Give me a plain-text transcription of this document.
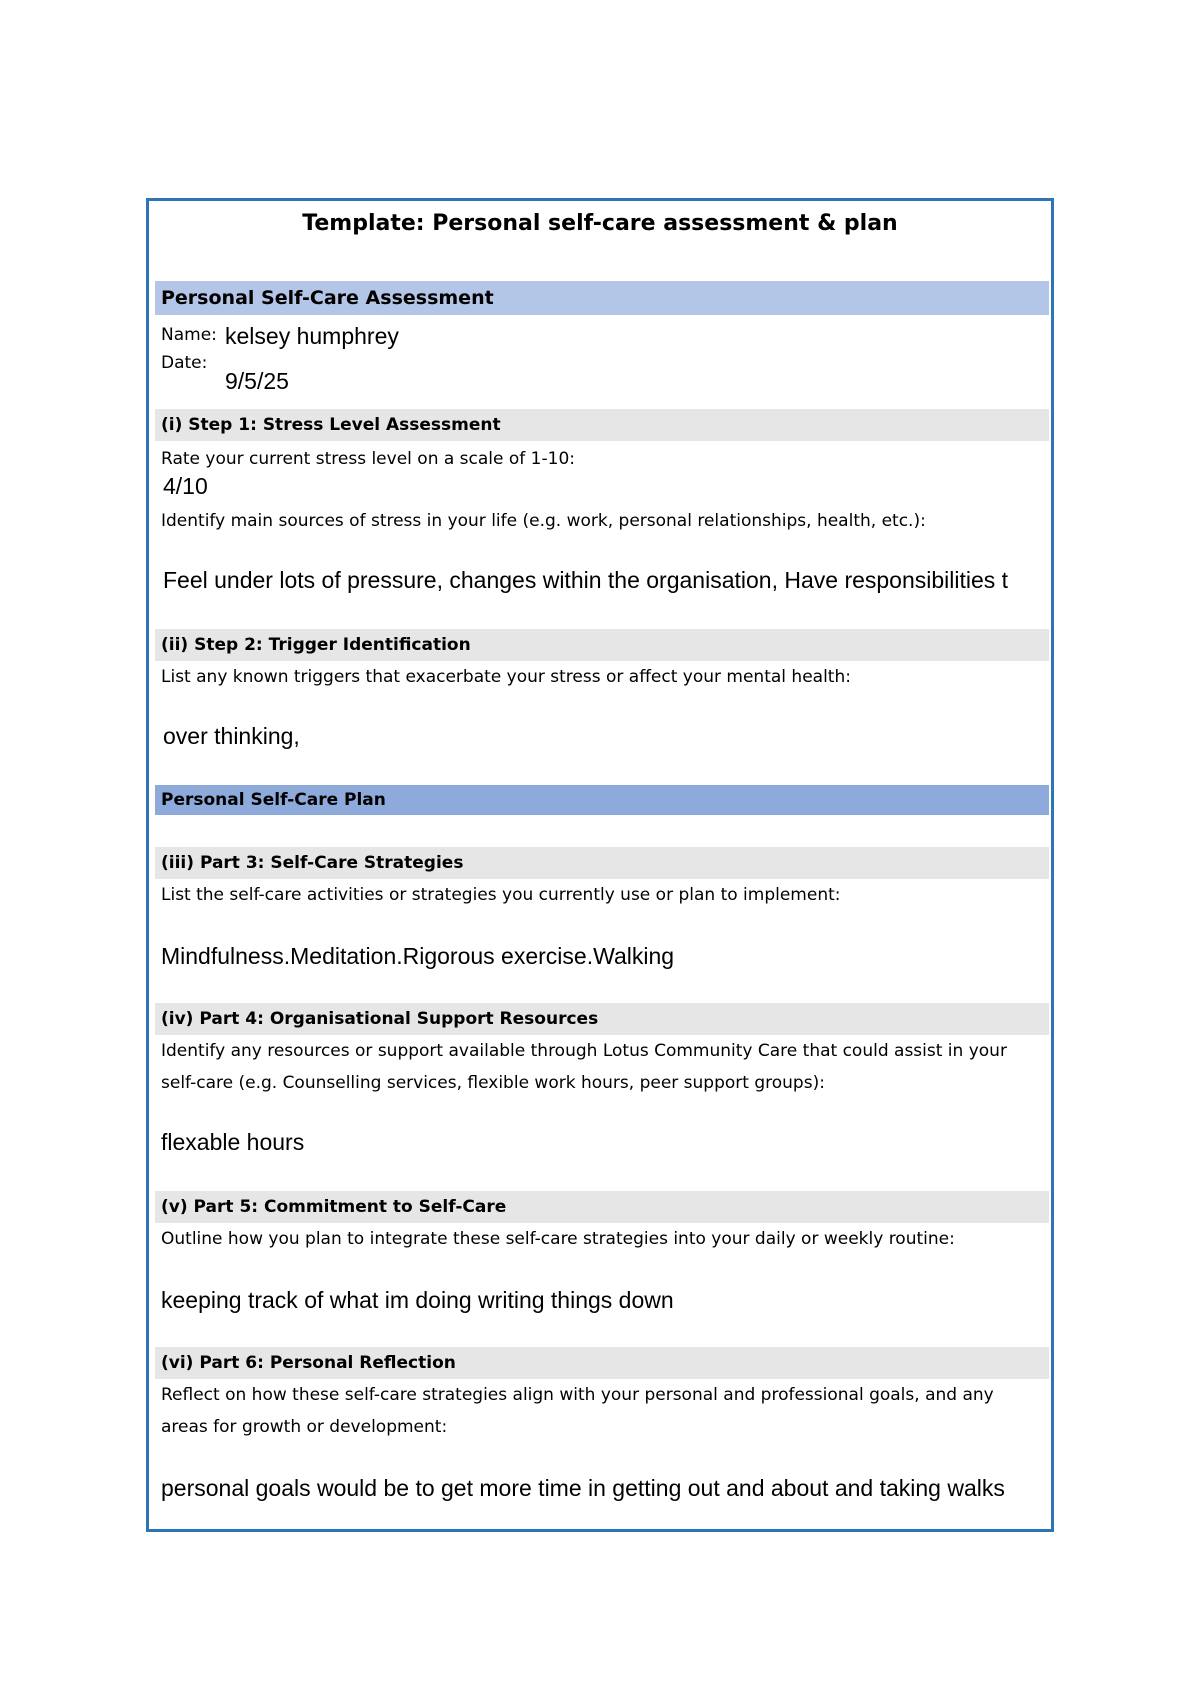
Template: Personal self-care assessment & plan
Personal Self-Care Assessment
Name: kelsey humphrey
Date:
9/5/25
(i) Step 1: Stress Level Assessment
Rate your current stress level on a scale of 1-10:
4/10
Identify main sources of stress in your life (e.g. work, personal relationships, health, etc.):
Feel under lots of pressure, changes within the organisation, Have responsibilities t
(ii) Step 2: Trigger Identification
List any known triggers that exacerbate your stress or affect your mental health:
over thinking,
Personal Self-Care Plan
(iii) Part 3: Self-Care Strategies
List the self-care activities or strategies you currently use or plan to implement:
Mindfulness.Meditation.Rigorous exercise.Walking
(iv) Part 4: Organisational Support Resources
Identify any resources or support available through Lotus Community Care that could assist in your
self-care (e.g. Counselling services, flexible work hours, peer support groups):
flexable hours
(v) Part 5: Commitment to Self-Care
Outline how you plan to integrate these self-care strategies into your daily or weekly routine:
keeping track of what im doing writing things down
(vi) Part 6: Personal Reflection
Reflect on how these self-care strategies align with your personal and professional goals, and any
areas for growth or development:
personal goals would be to get more time in getting out and about and taking walks
